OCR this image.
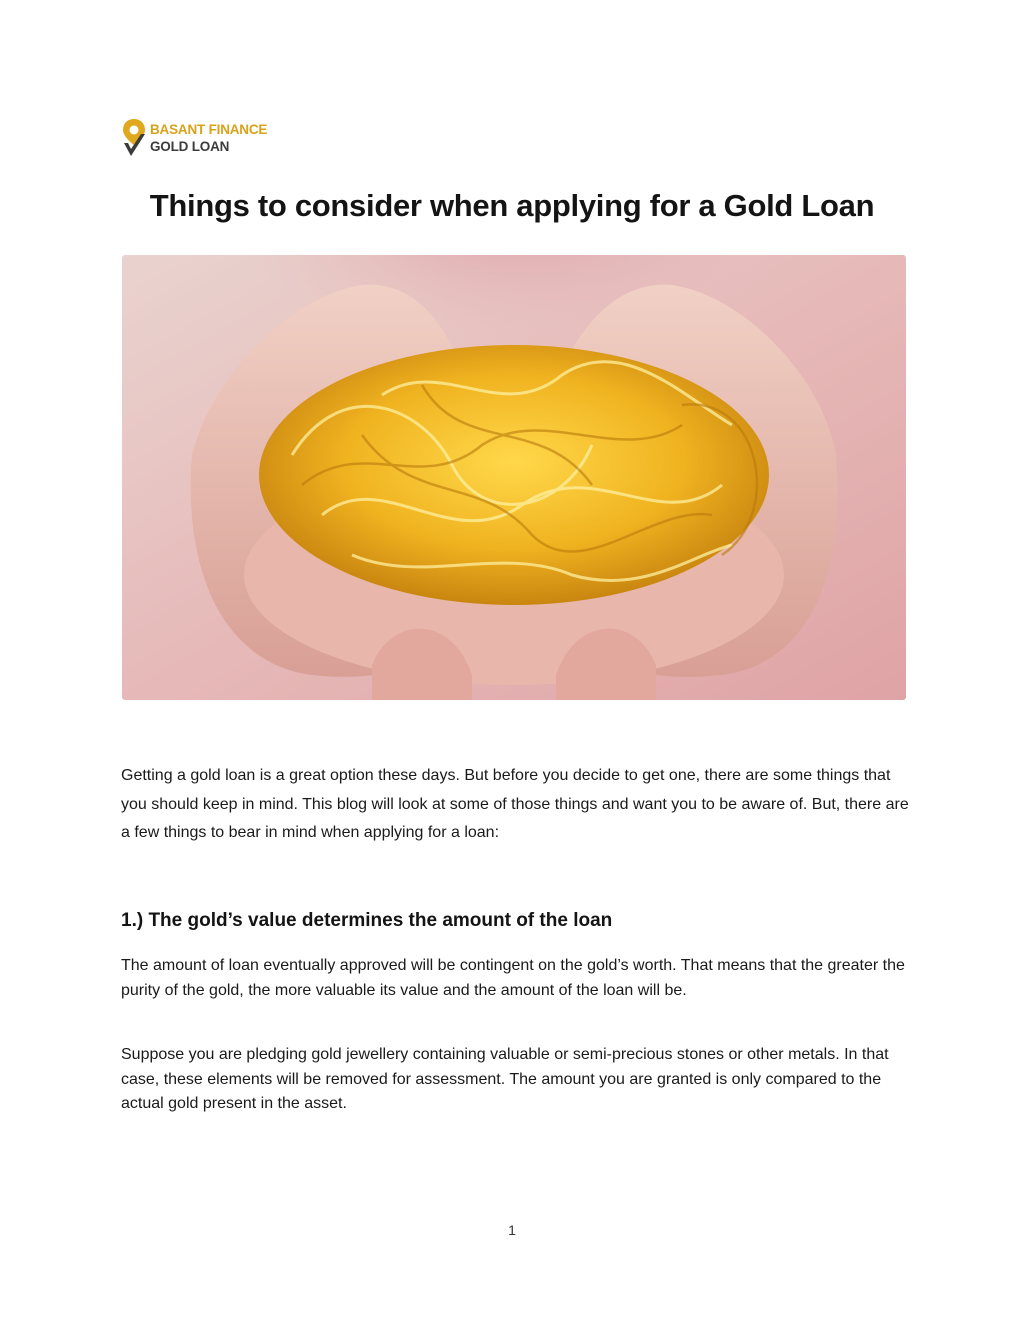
BASANT FINANCE
GOLD LOAN
Things to consider when applying for a Gold Loan

Getting a gold loan is a great option these days. But before you decide to get one, there are some things that you should keep in mind. This blog will look at some of those things and want you to be aware of. But, there are a few things to bear in mind when applying for a loan:

1.) The gold’s value determines the amount of the loan

The amount of loan eventually approved will be contingent on the gold’s worth. That means that the greater the purity of the gold, the more valuable its value and the amount of the loan will be.

Suppose you are pledging gold jewellery containing valuable or semi-precious stones or other metals. In that case, these elements will be removed for assessment. The amount you are granted is only compared to the actual gold present in the asset.

1
